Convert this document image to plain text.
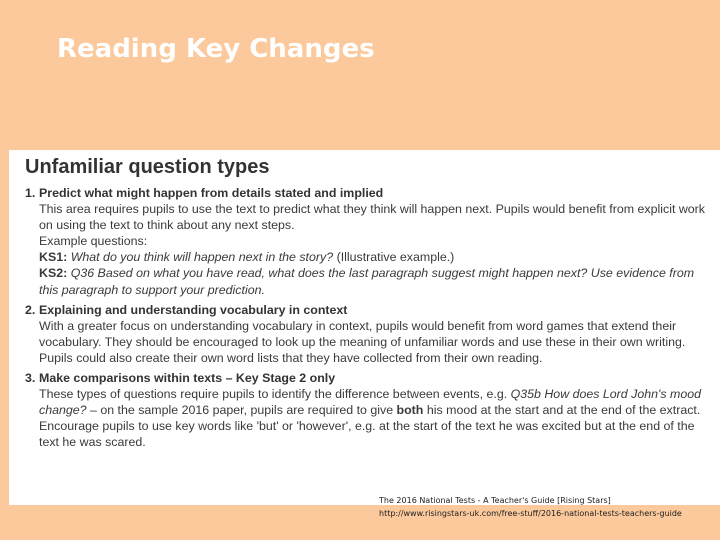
Reading Key Changes
Unfamiliar question types
1. Predict what might happen from details stated and implied
This area requires pupils to use the text to predict what they think will happen next. Pupils would benefit from explicit work on using the text to think about any next steps.
Example questions:
KS1: What do you think will happen next in the story? (Illustrative example.)
KS2: Q36 Based on what you have read, what does the last paragraph suggest might happen next? Use evidence from this paragraph to support your prediction.
2. Explaining and understanding vocabulary in context
With a greater focus on understanding vocabulary in context, pupils would benefit from word games that extend their vocabulary. They should be encouraged to look up the meaning of unfamiliar words and use these in their own writing. Pupils could also create their own word lists that they have collected from their own reading.
3. Make comparisons within texts – Key Stage 2 only
These types of questions require pupils to identify the difference between events, e.g. Q35b How does Lord John's mood change? – on the sample 2016 paper, pupils are required to give both his mood at the start and at the end of the extract. Encourage pupils to use key words like 'but' or 'however', e.g. at the start of the text he was excited but at the end of the text he was scared.
The 2016 National Tests - A Teacher's Guide [Rising Stars]
http://www.risingstars-uk.com/free-stuff/2016-national-tests-teachers-guide
